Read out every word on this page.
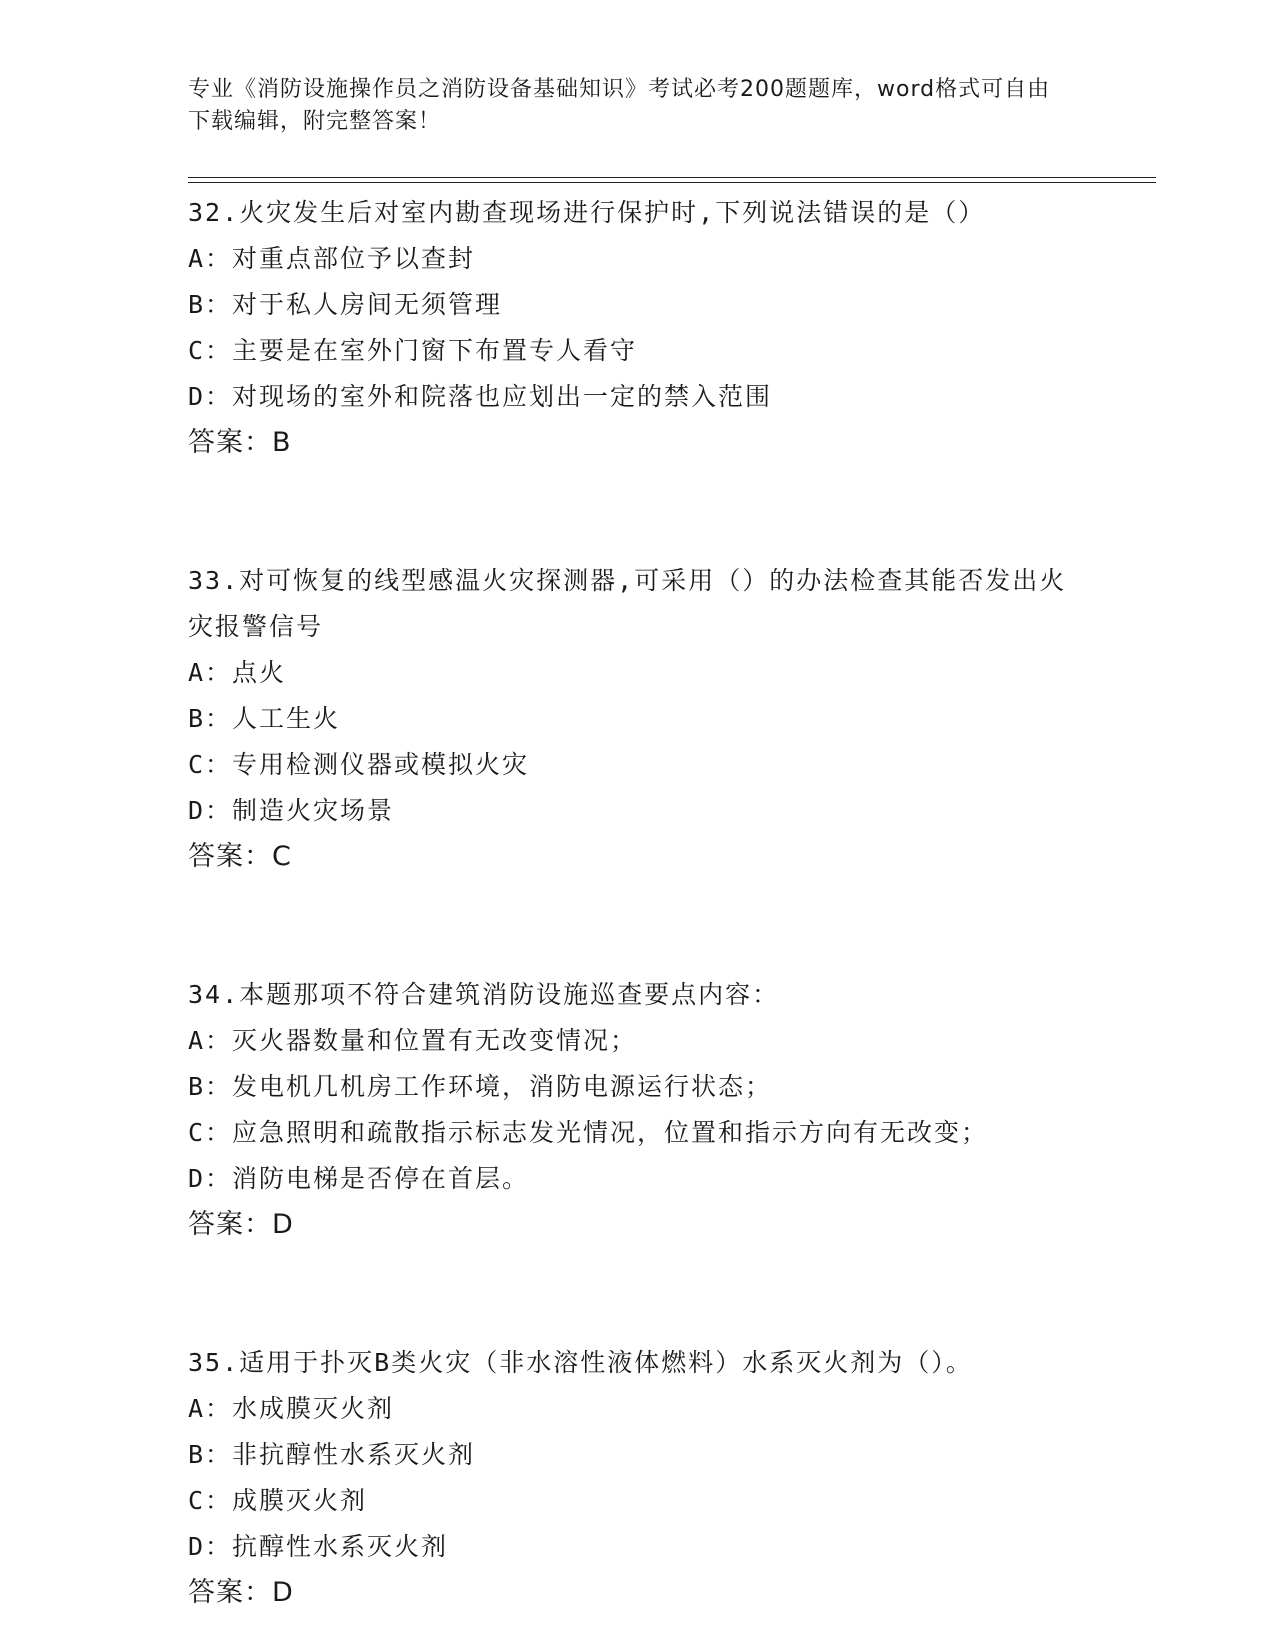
专业《消防设施操作员之消防设备基础知识》考试必考200题题库，word格式可自由下载编辑，附完整答案！
32.火灾发生后对室内勘查现场进行保护时,下列说法错误的是（）
A：对重点部位予以查封
B：对于私人房间无须管理
C：主要是在室外门窗下布置专人看守
D：对现场的室外和院落也应划出一定的禁入范围
答案：B
33.对可恢复的线型感温火灾探测器,可采用（）的办法检查其能否发出火灾报警信号
A：点火
B：人工生火
C：专用检测仪器或模拟火灾
D：制造火灾场景
答案：C
34.本题那项不符合建筑消防设施巡查要点内容：
A：灭火器数量和位置有无改变情况；
B：发电机几机房工作环境，消防电源运行状态；
C：应急照明和疏散指示标志发光情况，位置和指示方向有无改变；
D：消防电梯是否停在首层。
答案：D
35.适用于扑灭B类火灾（非水溶性液体燃料）水系灭火剂为（）。
A：水成膜灭火剂
B：非抗醇性水系灭火剂
C：成膜灭火剂
D：抗醇性水系灭火剂
答案：D
